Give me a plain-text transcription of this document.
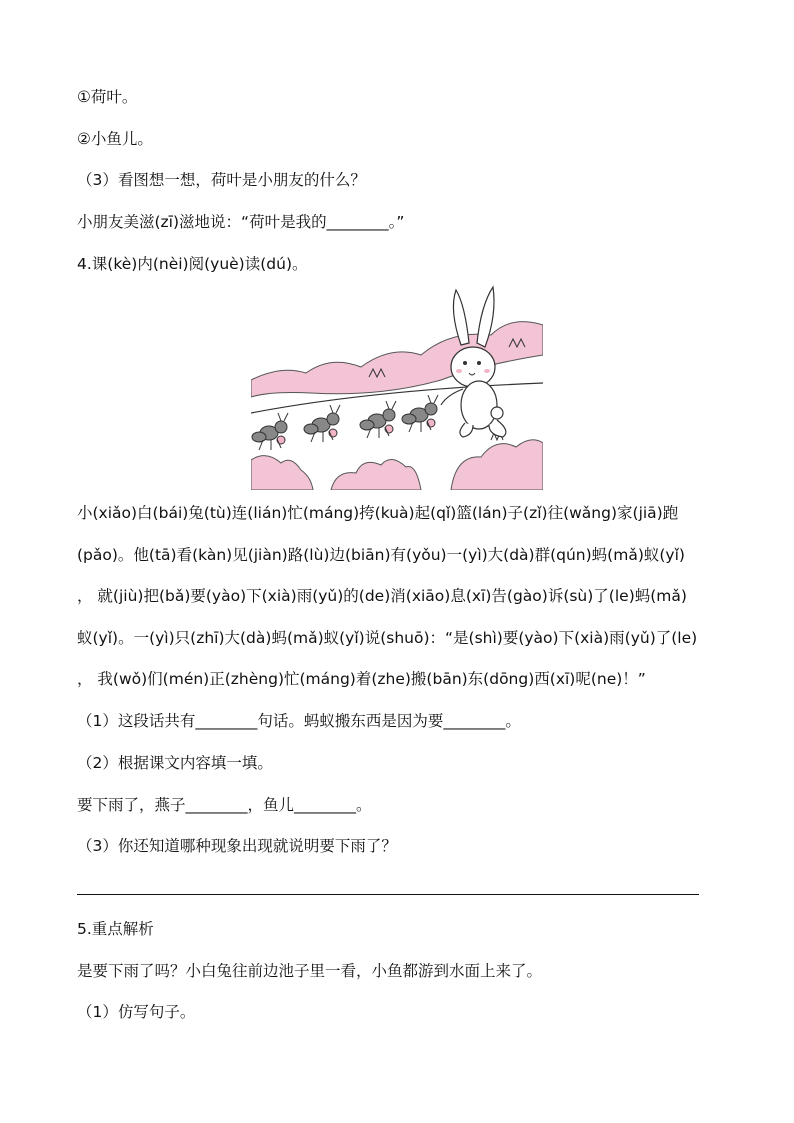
①荷叶。
②小鱼儿。
（3）看图想一想，荷叶是小朋友的什么？
小朋友美滋(zī)滋地说：“荷叶是我的________。”
4.课(kè)内(nèi)阅(yuè)读(dú)。
小(xiǎo)白(bái)兔(tù)连(lián)忙(máng)挎(kuà)起(qǐ)篮(lán)子(zǐ)往(wǎng)家(jiā)跑
(pǎo)。他(tā)看(kàn)见(jiàn)路(lù)边(biān)有(yǒu)一(yì)大(dà)群(qún)蚂(mǎ)蚁(yǐ)
， 就(jiù)把(bǎ)要(yào)下(xià)雨(yǔ)的(de)消(xiāo)息(xī)告(gào)诉(sù)了(le)蚂(mǎ)
蚁(yǐ)。一(yì)只(zhī)大(dà)蚂(mǎ)蚁(yǐ)说(shuō)：“是(shì)要(yào)下(xià)雨(yǔ)了(le)
， 我(wǒ)们(mén)正(zhèng)忙(máng)着(zhe)搬(bān)东(dōng)西(xī)呢(ne)！”
（1）这段话共有________句话。蚂蚁搬东西是因为要________。
（2）根据课文内容填一填。
要下雨了，燕子________，鱼儿________。
（3）你还知道哪种现象出现就说明要下雨了？
5.重点解析
是要下雨了吗？小白兔往前边池子里一看，小鱼都游到水面上来了。
（1）仿写句子。
